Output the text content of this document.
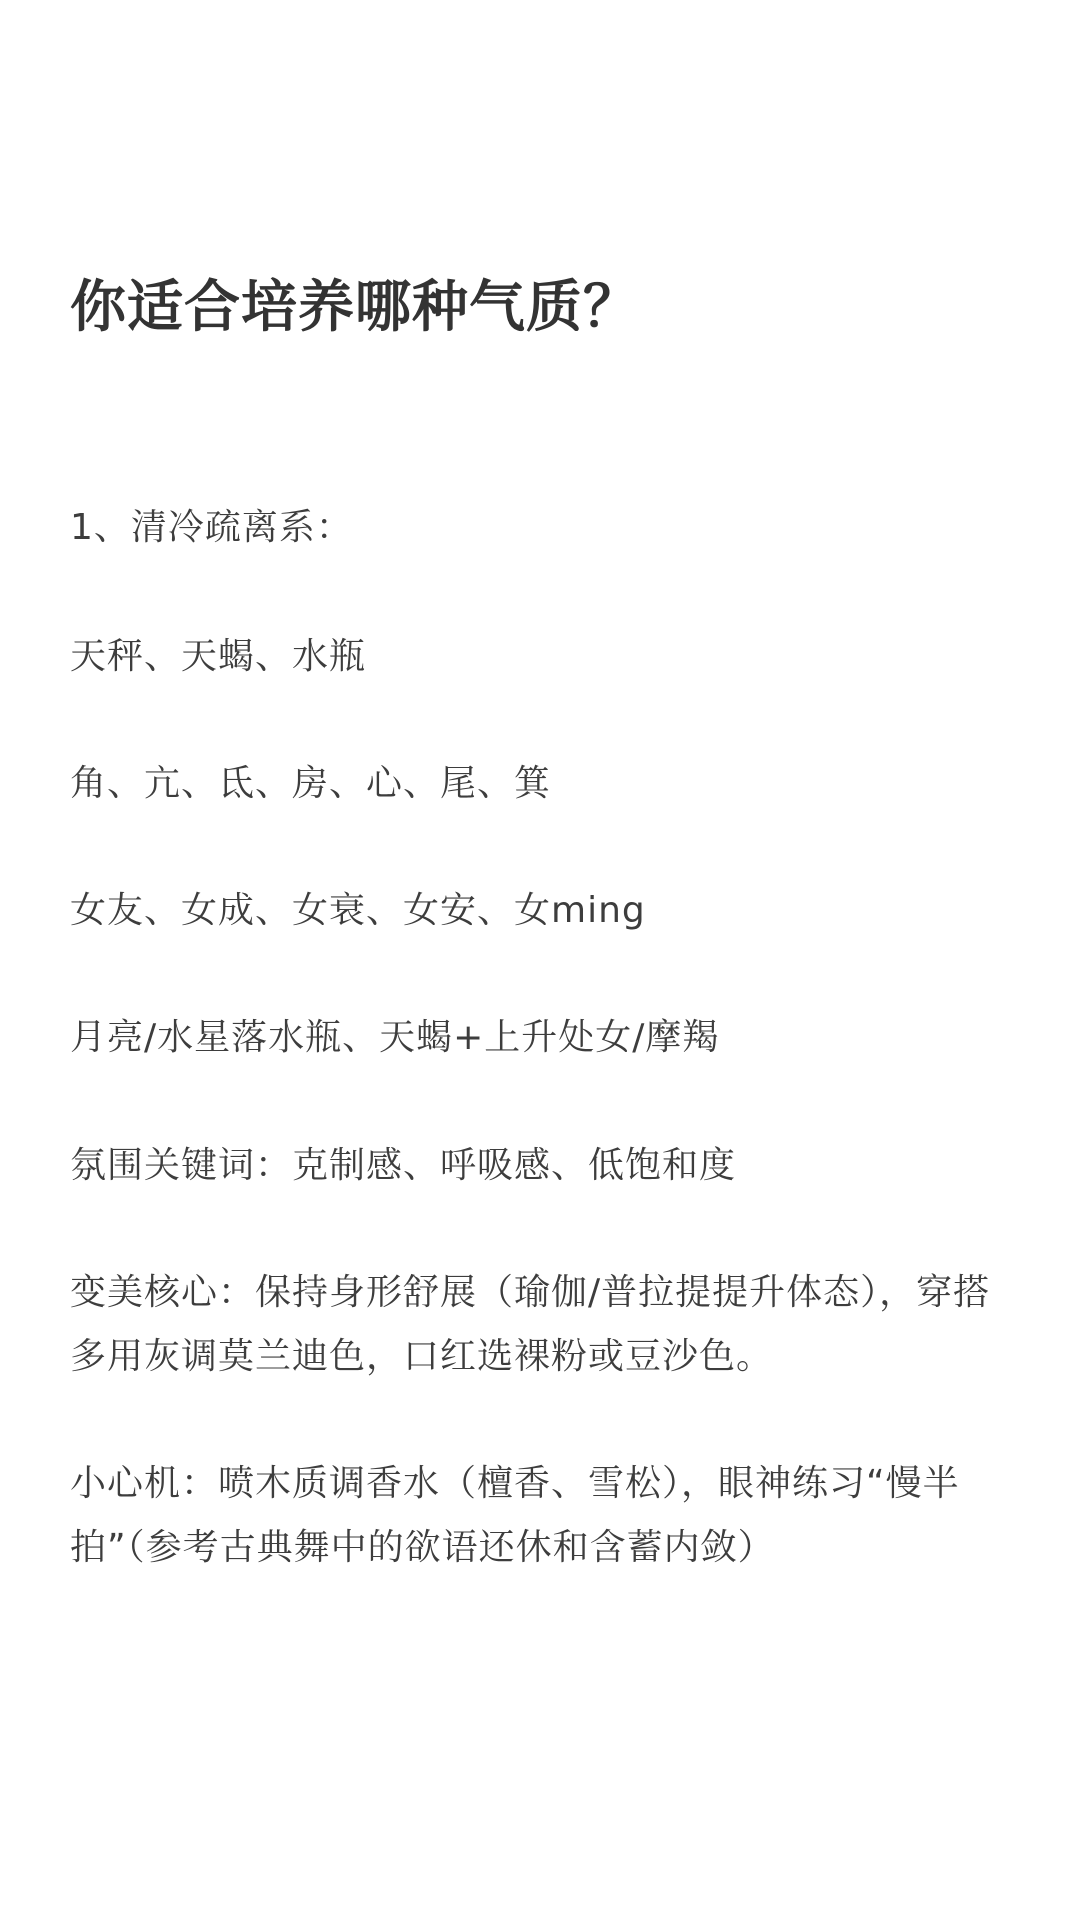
你适合培养哪种气质？

1、清冷疏离系：

天秤、天蝎、水瓶

角、亢、氐、房、心、尾、箕

女友、女成、女衰、女安、女ming

月亮/水星落水瓶、天蝎+上升处女/摩羯

氛围关键词：克制感、呼吸感、低饱和度

变美核心：保持身形舒展（瑜伽/普拉提提升体态），穿搭多用灰调莫兰迪色，口红选裸粉或豆沙色。

小心机：喷木质调香水（檀香、雪松），眼神练习“慢半拍”（参考古典舞中的欲语还休和含蓄内敛）
